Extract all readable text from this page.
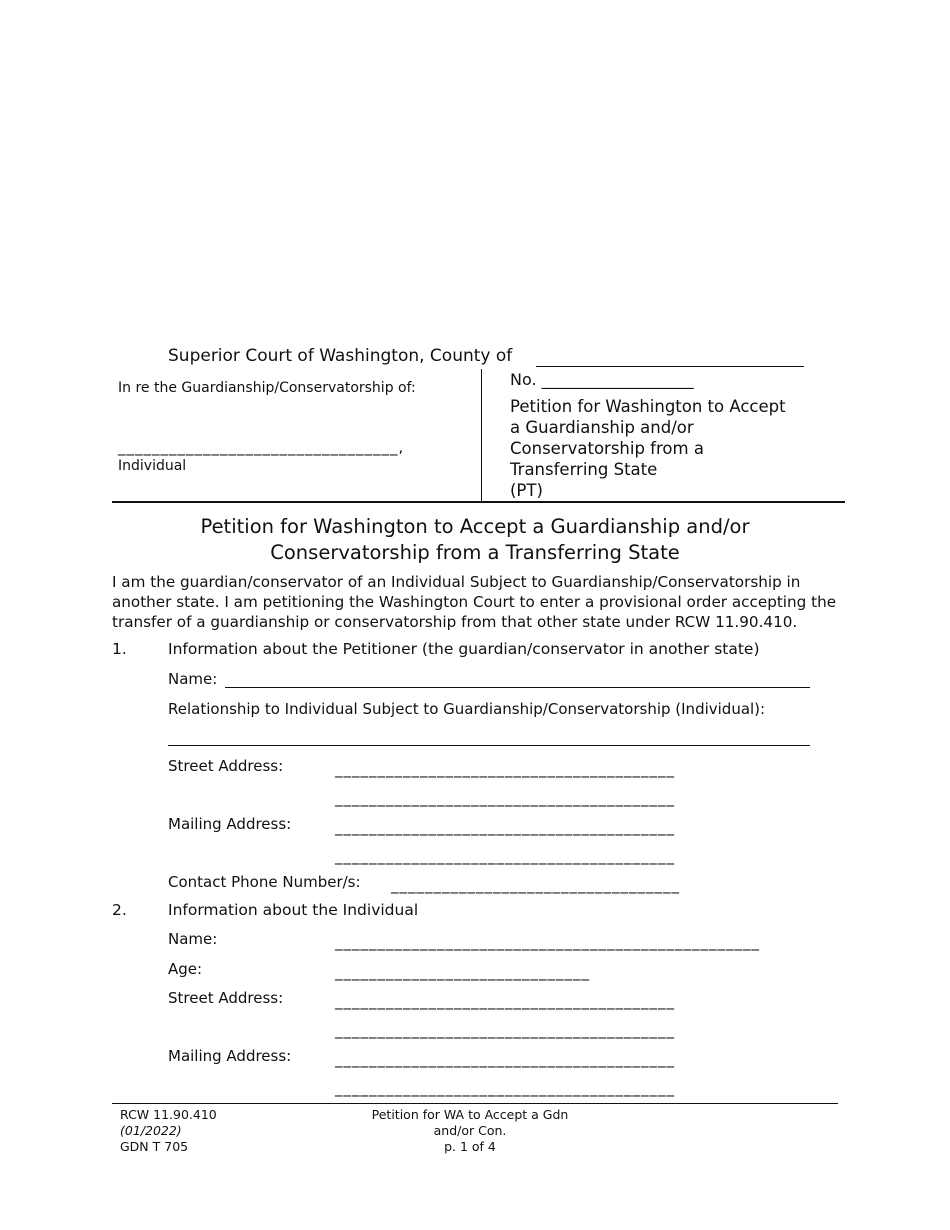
Superior Court of Washington, County of
In re the Guardianship/Conservatorship of:
_________________________________,
Individual
No. ___________________
Petition for Washington to Accept
a Guardianship and/or
Conservatorship from a
Transferring State
(PT)
Petition for Washington to Accept a Guardianship and/or
Conservatorship from a Transferring State
I am the guardian/conservator of an Individual Subject to Guardianship/Conservatorship in another state. I am petitioning the Washington Court to enter a provisional order accepting the transfer of a guardianship or conservatorship from that other state under RCW 11.90.410.
1.	Information about the Petitioner (the guardian/conservator in another state)
Name:
Relationship to Individual Subject to Guardianship/Conservatorship (Individual):
Street Address:	________________________________________
________________________________________
Mailing Address:	________________________________________
________________________________________
Contact Phone Number/s: __________________________________
2.	Information about the Individual
Name:	__________________________________________________
Age:	______________________________
Street Address:	________________________________________
________________________________________
Mailing Address:	________________________________________
________________________________________
RCW 11.90.410
(01/2022)
GDN T 705
Petition for WA to Accept a Gdn
and/or Con.
p. 1 of 4
